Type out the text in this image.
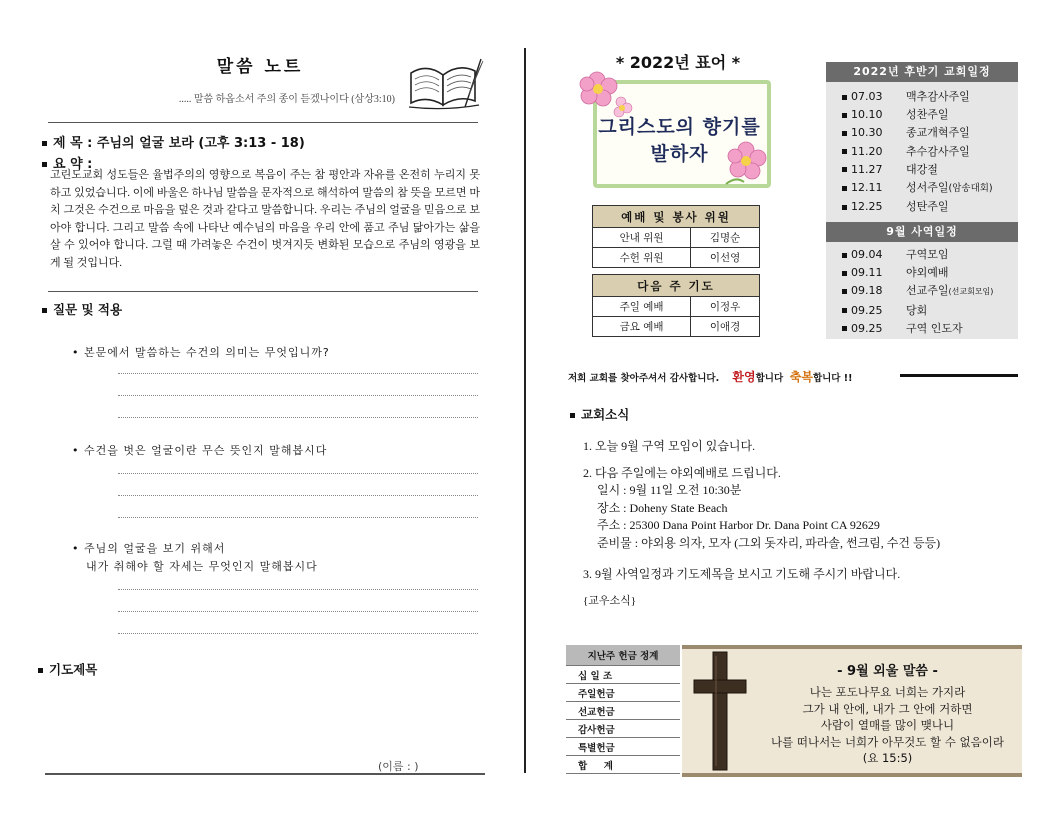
말씀 노트
..... 말씀 하옵소서 주의 종이 듣겠나이다 (삼상3:10)
제 목 : 주님의 얼굴 보라 (고후 3:13 - 18)
요 약 :
고린도교회 성도들은 율법주의의 영향으로 복음이 주는 참 평안과 자유를 온전히 누리지 못하고 있었습니다. 이에 바울은 하나님 말씀을 문자적으로 해석하여 말씀의 참 뜻을 모르면 마치 그것은 수건으로 마음을 덮은 것과 같다고 말씀합니다. 우리는 주님의 얼굴을 믿음으로 보아야 합니다. 그리고 말씀 속에 나타난 예수님의 마음을 우리 안에 품고 주님 닮아가는 삶을 살 수 있어야 합니다. 그럴 때 가려놓은 수건이 벗겨지듯 변화된 모습으로 주님의 영광을 보게 될 것입니다.
질문 및 적용
• 본문에서 말씀하는 수건의 의미는 무엇입니까?
• 수건을 벗은 얼굴이란 무슨 뜻인지 말해봅시다
• 주님의 얼굴을 보기 위해서
내가 취해야 할 자세는 무엇인지 말해봅시다
기도제목
(이름 : )
* 2022년 표어 *
그리스도의 향기를 발하자
예배 및 봉사 위원	
안내 위원	김명순
수헌 위원	이선영

다음 주 기도	
주일 예배	이정우
금요 예배	이애경
2022년 후반기 교회일정
07.03 맥추감사주일
10.10 성찬주일
10.30 종교개혁주일
11.20 추수감사주일
11.27 대강절
12.11 성서주일(암송대회)
12.25 성탄주일
9월 사역일정
09.04 구역모임
09.11 야외예배
09.18 선교주일(선교회모임)
09.25 당회
09.25 구역 인도자
저희 교회를 찾아주셔서 감사합니다. 환영합니다  축복합니다 !!
교회소식
1. 오늘 9월 구역 모임이 있습니다.
2. 다음 주일에는 야외예배로 드립니다.
일시 : 9월 11일 오전 10:30분
장소 : Doheny State Beach
주소 : 25300 Dana Point Harbor Dr. Dana Point CA 92629
준비물 : 야외용 의자, 모자 (그외 돗자리, 파라솔, 썬크림, 수건 등등)
3. 9월 사역일정과 기도제목을 보시고 기도해 주시기 바랍니다.
{교우소식}
지난주 헌금 정계
십 일 조
주일헌금
선교헌금
감사헌금
특별헌금
합     계
- 9월 외울 말씀 -
나는 포도나무요 너희는 가지라
그가 내 안에, 내가 그 안에 거하면
사람이 열매를 많이 맺나니
나를 떠나서는 너희가 아무것도 할 수 없음이라
(요 15:5)
